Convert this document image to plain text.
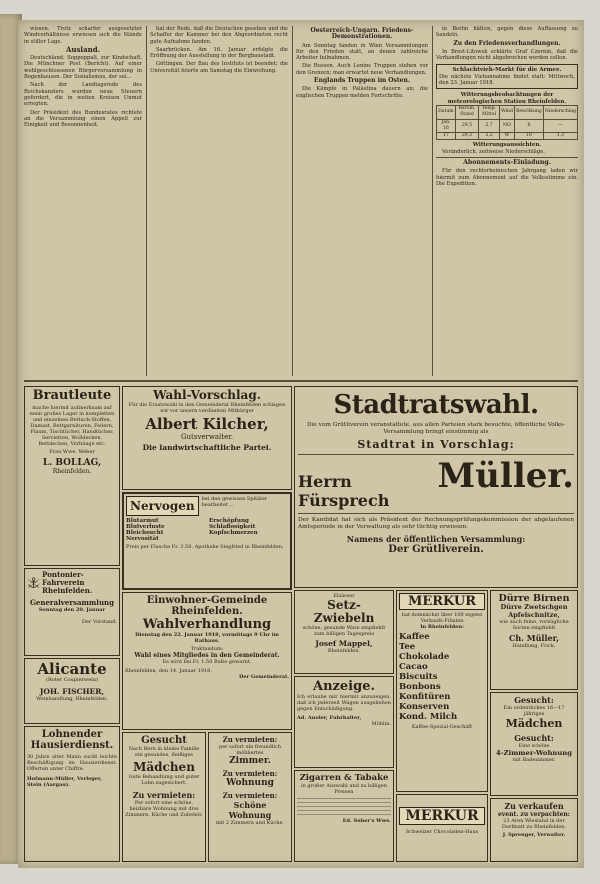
wissen. Trotz scharfer ausgesetzter Windverhältnisse erwiesen sich die Stände in stiller Lage.

Ausland.

Deutschland. Soppoppali, zur Kindschaft. Die Münchner Post (Bericht). Auf einer wohlgeschlossenen Bürgerversammlung in Bogenhausen. Der Sozialismus, der sei...

Nach der Landtagsrede des Reichskanzlers wurden neue Steuern gefordert, die in weiten Kreisen Unmut erregten.

Der Präsident des Bundesrates richtete an die Versammlung einen Appell zur Einigkeit und Besonnenheit.

hat der Rede, daß die Deutschen gesehen und die Schaffer der Kammer bei den Abgeordneten recht gute Aufnahme fanden.

Saarbrücken. Am 16. Januar erfolgte die Eröffnung der Ausstellung in der Bergbaustadt.

Göttingen. Der Bau des Instituts ist beendet; die Universität feierte am Samstag die Einweihung.

Oesterreich-Ungarn. Friedens-Demonstrationen.

Am Sonntag fanden in Wien Versammlungen für den Frieden statt, an denen zahlreiche Arbeiter teilnahmen.

Die Russen. Auch Lenins Truppen stehen vor den Grenzen; man erwartet neue Verhandlungen.

Englands Truppen im Osten.

Die Kämpfe in Palästina dauern an; die englischen Truppen melden Fortschritte.

in Berlin hätten, gegen diese Auffassung zu handeln.

Zu den Friedensverhandlungen.

In Brest-Litowsk erklärte Graf Czernin, daß die Verhandlungen nicht abgebrochen werden sollen.

Schlachtvieh-Markt für die Armee.
Die nächste Viehannahme findet statt: Mittwoch, den 23. Januar 1918.
Witterungsbeobachtungen der meteorologischen Station Rheinfelden.
Datum	Barom. Stand	Temp. Mittel	Wind	Bewölkung	Niederschlag
Jan. 16	29,5	2,7	NO	8	—
17	29,3	2,2	W	10	1,3
Witterungsaussichten.

Veränderlich, zeitweise Niederschläge.

Abonnements-Einladung.

Für den rechtsrheinischen Jahrgang laden wir hiermit zum Abonnement auf die Volksstimme ein. Die Expedition.

Brautleute
mache hiermit aufmerksam auf mein großes Lager in kompletten und einzelnen Bettuch-Stoffen, Damast, Bettgarnituren, Federn, Flaum, Tischtücher, Handtücher, Servietten, Wolldecken, Bettdecken, Vorhänge etc.
Frau Wwe. Weber
L. BOLLAG,
Rheinfelden.
Pontonier-Fahrverein Rheinfelden.
Generalversammlung
Sonntag den 20. Januar
Der Vorstand.
Alicante
(Roter Coupierwein)
JOH. FISCHER,
Weinhandlung, Rheinfelden.
Lohnender Hausierdienst.
30 Jahre alter Mann sucht leichte Beschäftigung im Hausierdienst. Offerten unter Chiffre.
Hofmann-Müller, Verleger, Stein (Aargau).
Wahl-Vorschlag.
Für die Ersatzwahl in den Gemeinderat Rheinfelden schlagen wir vor unsern verdienten Mitbürger
Albert Kilcher,
Gutsverwalter.
Die landwirtschaftliche Partei.
Nervogen bei den gewissen Spitäler bearbeitet ...
Blutarmut	Erschöpfung
Blutverluste	Schlaflosigkeit
Bleichsucht	Kopfschmerzen
Nervosität
Preis per Flasche Fr. 3.50. Apotheke Siegfried in Rheinfelden.
Einwohner-Gemeinde Rheinfelden.
Wahlverhandlung
Dienstag den 22. Januar 1918, vormittags 9 Uhr im Rathaus.
Traktandum:
Wahl eines Mitgliedes in den Gemeinderat.
Es wird bei Fr. 1.50 Buße gewarnt.
Rheinfelden, den 14. Januar 1918.
Der Gemeinderat.
Gesucht
Nach Bern in kleine Familie ein gesundes, fleißiges
Mädchen
Gute Behandlung und guter Lohn zugesichert.
Zu vermieten:
Per sofort eine schöne, heizbare Wohnung mit drei Zimmern, Küche und Zubehör.
Zu vermieten:
per sofort ein freundlich möbliertes
Zimmer.
Zu vermieten:
Wohnung
Zu vermieten:
Schöne Wohnung
mit 2 Zimmern und Küche.
Stadtratswahl.
Die vom Grütliverein veranstaltete, aus allen Parteien stark besuchte, öffentliche Volks-Versammlung bringt einstimmig als
Stadtrat in Vorschlag:
Herrn Fürsprech
Müller.
Der Kandidat hat sich als Präsident der Rechnungsprüfungskommission der abgelaufenen Amtsperiode in der Verwaltung als sehr tüchtig erwiesen.
Namens der öffentlichen Versammlung:
Der Grütliverein.
Elsässer
Setz-Zwiebeln
schöne, gesunde Ware empfiehlt zum billigen Tagespreis
Josef Mappel,
Rheinfelden.
Anzeige.
Ich erlaube mir hiermit anzuzeigen, daß ich jederzeit Wagen ausgeliehen gegen Entschädigung.
Ad. Anoler, Fuhrhalter,
Möhlin.
Zigarren & Tabake
in großer Auswahl und zu billigen Preisen
Ed. Suber's Wwe.
MERKUR
hat demnächst über 100 eigene Verkaufs-Filialen
In Rheinfelden:
Kaffee
Tee
Chokolade
Cacao
Biscuits
Bonbons
Konfitüren
Konserven
Kond. Milch
Kaffee-Spezial-Geschäft
MERKUR
Schweizer Chocoladen-Haus
Dürre Birnen
Dürre Zwetschgen Apfelschnitze,
wie auch feine, vorzügliche Sorten empfiehlt
Ch. Müller,
Handlung, Frick.
Gesucht:
Ein ordentliches 16—17 jähriges
Mädchen
Gesucht:
Eine schöne
4-Zimmer-Wohnung
mit Badezimmer.
Zu verkaufen
event. zu verpachten:
23 Aren Wiesland in der Dorfmatt zu Rheinfelden.
J. Sprenger, Verwalter.
